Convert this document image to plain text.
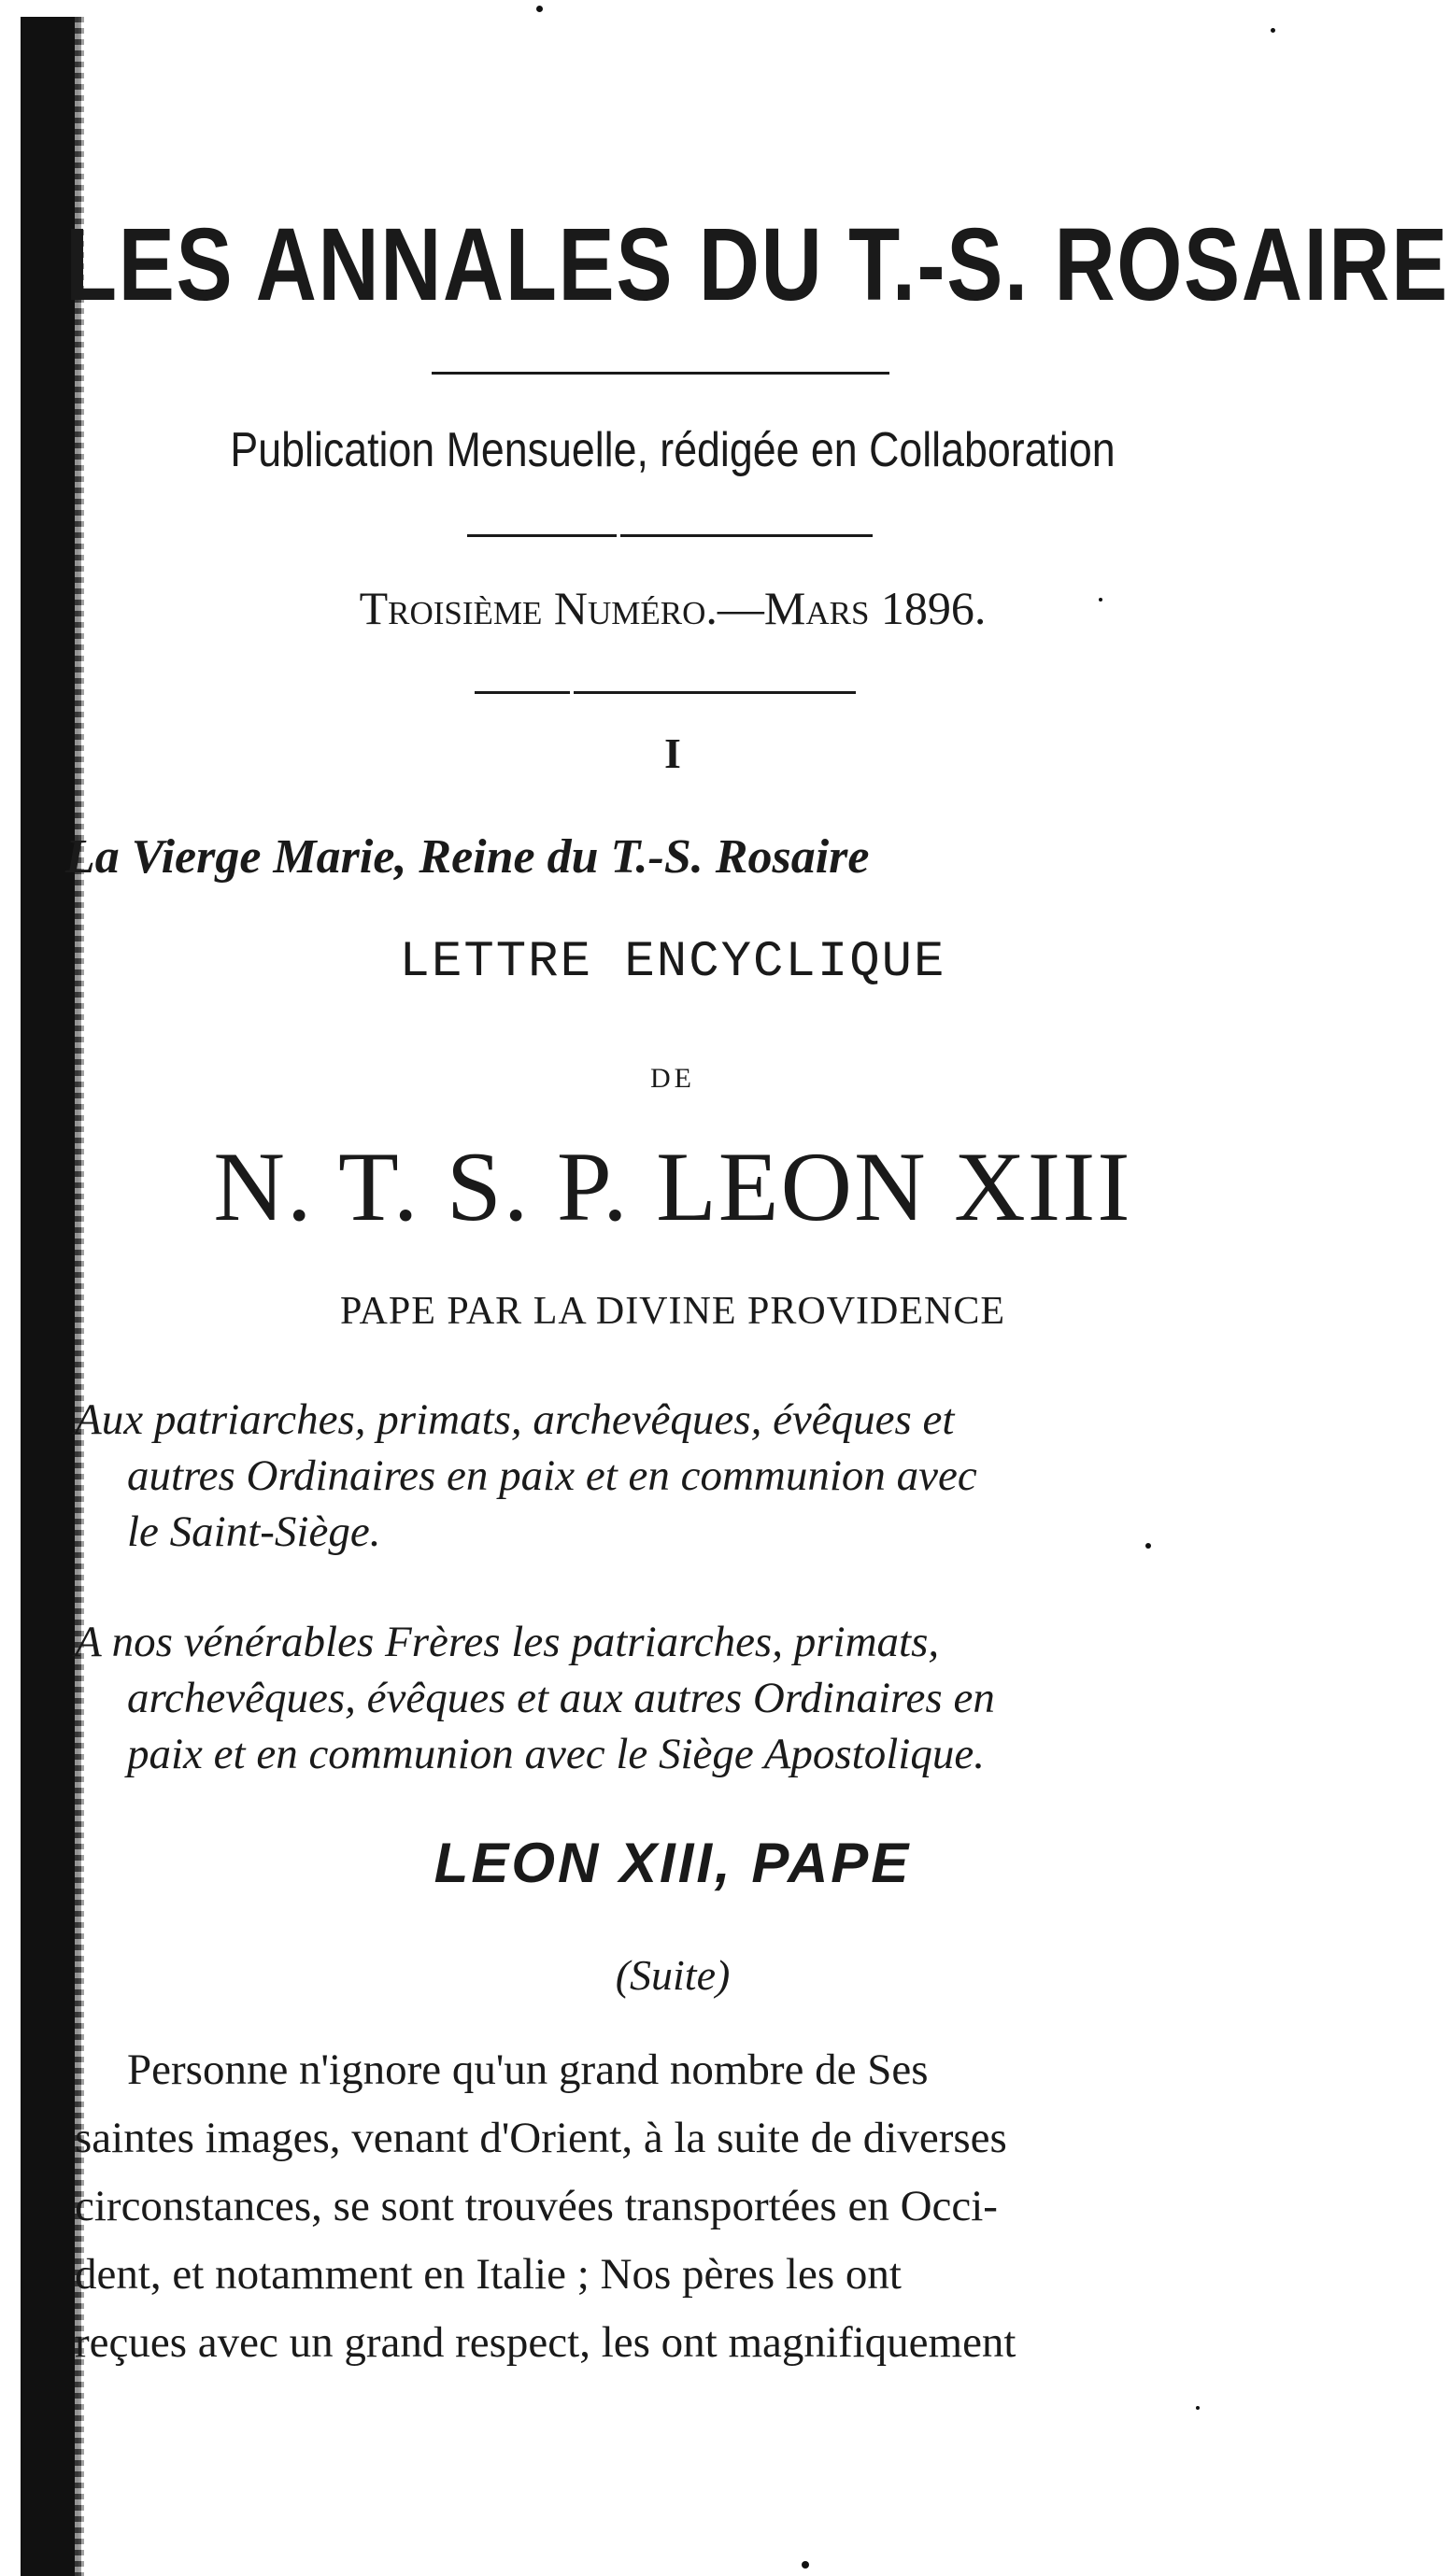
LES ANNALES DU T.-S. ROSAIRE
Publication Mensuelle, rédigée en Collaboration
Troisième Numéro.—Mars 1896.
I
La Vierge Marie, Reine du T.-S. Rosaire
LETTRE ENCYCLIQUE
DE
N. T. S. P. LEON XIII
PAPE PAR LA DIVINE PROVIDENCE
Aux patriarches, primats, archevêques, évêques et
autres Ordinaires en paix et en communion avec
le Saint-Siège.
A nos vénérables Frères les patriarches, primats,
archevêques, évêques et aux autres Ordinaires en
paix et en communion avec le Siège Apostolique.
LEON XIII, PAPE
(Suite)
Personne n'ignore qu'un grand nombre de Ses
saintes images, venant d'Orient, à la suite de diverses
circonstances, se sont trouvées transportées en Occi-
dent, et notamment en Italie ; Nos pères les ont
reçues avec un grand respect, les ont magnifiquement
